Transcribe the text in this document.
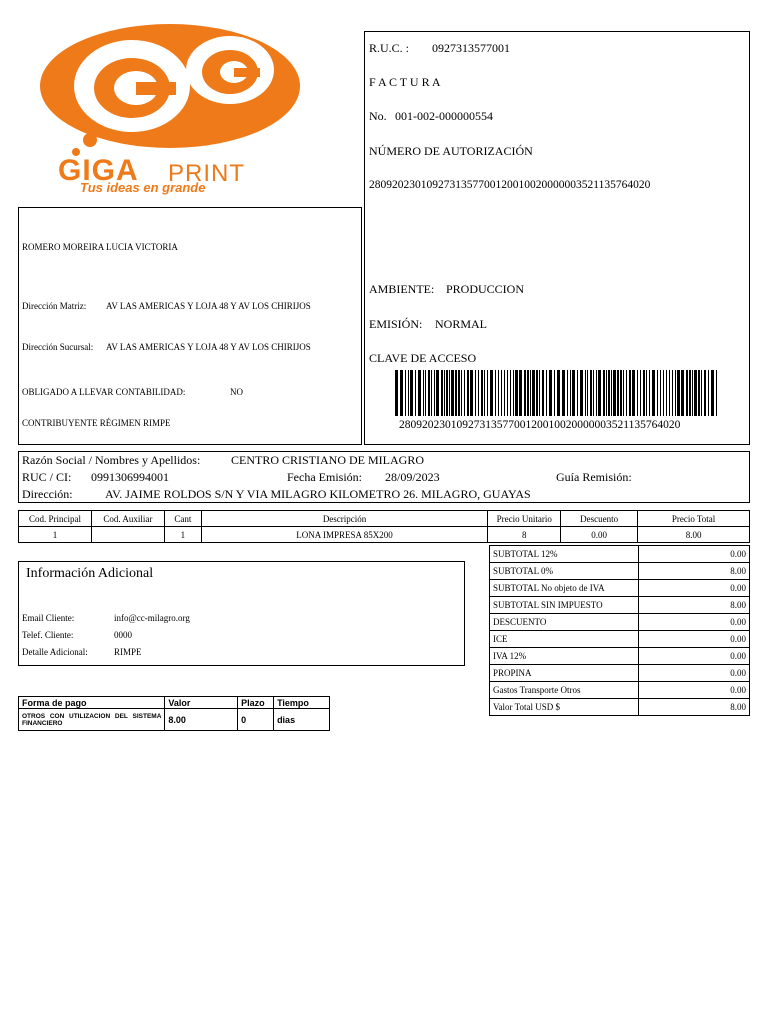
GIGA PRINT
Tus ideas en grande
R.U.C. : 0927313577001
F A C T U R A
No. 001-002-000000554
NÚMERO DE AUTORIZACIÓN
2809202301092731357700120010020000003521135764020
AMBIENTE: PRODUCCION
EMISIÓN: NORMAL
CLAVE DE ACCESO
2809202301092731357700120010020000003521135764020
ROMERO MOREIRA LUCIA VICTORIA
Dirección Matriz: AV LAS AMERICAS Y LOJA 48 Y AV LOS CHIRIJOS
Dirección Sucursal: AV LAS AMERICAS Y LOJA 48 Y AV LOS CHIRIJOS
OBLIGADO A LLEVAR CONTABILIDAD:	NO
CONTRIBUYENTE RÉGIMEN RIMPE
Razón Social / Nombres y Apellidos:	CENTRO CRISTIANO DE MILAGRO
RUC / CI: 0991306994001	Fecha Emisión: 28/09/2023	Guía Remisión:
Dirección:	AV. JAIME ROLDOS S/N Y VIA MILAGRO KILOMETRO 26. MILAGRO, GUAYAS
Cod. Principal	Cod. Auxiliar	Cant	Descripción	Precio Unitario	Descuento	Precio Total
1		1	LONA IMPRESA 85X200	8	0.00	8.00
SUBTOTAL 12%	0.00
SUBTOTAL 0%	8.00
SUBTOTAL No objeto de IVA	0.00
SUBTOTAL SIN IMPUESTO	8.00
DESCUENTO	0.00
ICE	0.00
IVA 12%	0.00
PROPINA	0.00
Gastos Transporte Otros	0.00
Valor Total USD $	8.00
Información Adicional
Email Cliente:	info@cc-milagro.org
Telef. Cliente:	0000
Detalle Adicional:	RIMPE
Forma de pago	Valor	Plazo	Tiempo
OTROS CON UTILIZACION DEL SISTEMA FINANCIERO	8.00	0	dias
